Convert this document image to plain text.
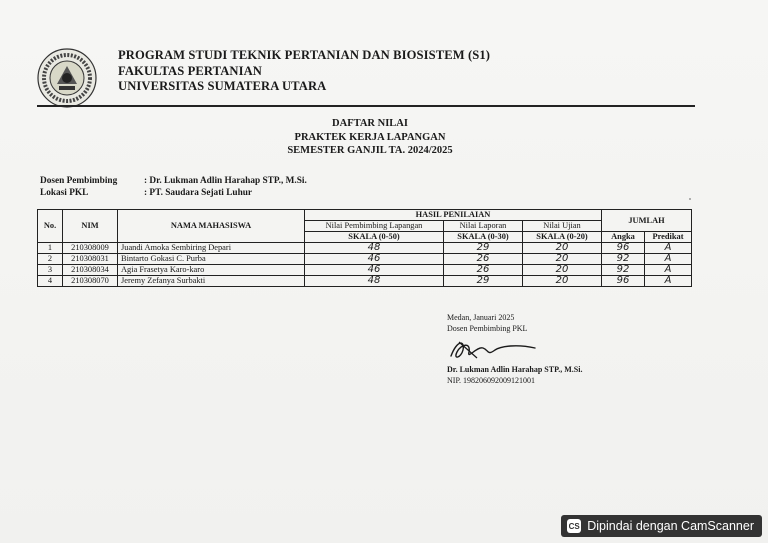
PROGRAM STUDI TEKNIK PERTANIAN DAN BIOSISTEM (S1)
FAKULTAS PERTANIAN
UNIVERSITAS SUMATERA UTARA
DAFTAR NILAI
PRAKTEK KERJA LAPANGAN
SEMESTER GANJIL TA. 2024/2025
Dosen Pembimbing	: Dr. Lukman Adlin Harahap STP., M.Si.
Lokasi PKL	: PT. Saudara Sejati Luhur
No.	NIM	NAMA MAHASISWA	HASIL PENILAIAN			JUMLAH	
			Nilai Pembimbing Lapangan	Nilai Laporan	Nilai Ujian		
			SKALA (0-50)	SKALA (0-30)	SKALA (0-20)	Angka	Predikat
1	210308009	Juandi Amoka Sembiring Depari	48	29	20	96	A
2	210308031	Bintarto Gokasi C. Purba	46	26	20	92	A
3	210308034	Agia Frasetya Karo-karo	46	26	20	92	A
4	210308070	Jeremy Zefanya Surbakti	48	29	20	96	A
Medan, Januari 2025
Dosen Pembimbing PKL
Dr. Lukman Adlin Harahap STP., M.Si.
NIP. 198206092009121001
CS Dipindai dengan CamScanner
